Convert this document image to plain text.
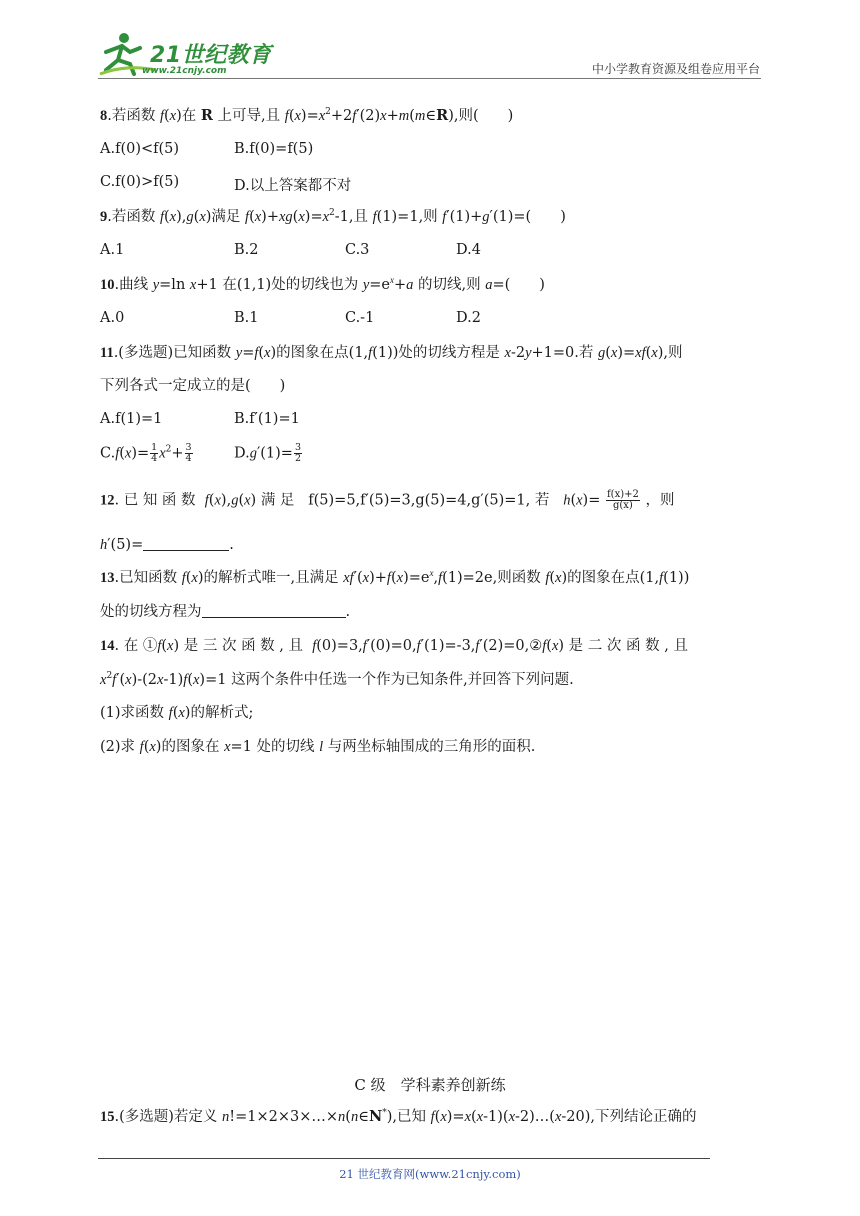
21世纪教育
www.21cnjy.com	中小学教育资源及组卷应用平台
8.若函数 f(x)在 R 上可导,且 $f(x)=x^2+2f'(2)x+m(m\in R)$,则(　　)
A.f(0)<f(5)	B.f(0)=f(5)
C.f(0)>f(5)	D.以上答案都不对
9.若函数 f(x),g(x)满足 $f(x)+xg(x)=x^2-1$,且 f(1)=1,则 f′(1)+g′(1)=(　　)
A.1	B.2	C.3	D.4
10.曲线 y=ln x+1 在(1,1)处的切线也为 $y=e^x+a$ 的切线,则 a=(　　)
A.0	B.1	C.-1	D.2
11.(多选题)已知函数 y=f(x)的图象在点(1,f(1))处的切线方程是 x-2y+1=0.若 g(x)=xf(x),则
下列各式一定成立的是(　　)
A.f(1)=1	B.f′(1)=1
$C.f(x)= \frac{1}{4} x^2+ \frac{3}{4}$	$D.g'(1)= \frac{3}{2}$
12. 已 知 函 数  f(x),g(x) 满 足   f(5)=5,f′(5)=3,g(5)=4,g′(5)=1, 若   $h(x)= \frac{f(x)+2}{g(x)}$ ，则
h′(5)=	.
13.已知函数 f(x)的解析式唯一,且满足 $xf'(x)+f(x)=e^x,f(1)=2e$,则函数 f(x)的图象在点(1,f(1))
处的切线方程为	.
14. 在 ①f(x) 是 三 次 函 数 , 且  f(0)=3,f′(0)=0,f′(1)=-3,f′(2)=0,②f(x) 是 二 次 函 数 , 且
$x^2f'(x)-(2x-1)f(x)=1$ 这两个条件中任选一个作为已知条件,并回答下列问题.
(1)求函数 f(x)的解析式;
(2)求 f(x)的图象在 x=1 处的切线 l 与两坐标轴围成的三角形的面积.
C 级　学科素养创新练
15.(多选题)若定义 n!=1×2×3×…×n(n∈N*),已知 f(x)=x(x-1)(x-2)…(x-20),下列结论正确的
21 世纪教育网(www.21cnjy.com)
